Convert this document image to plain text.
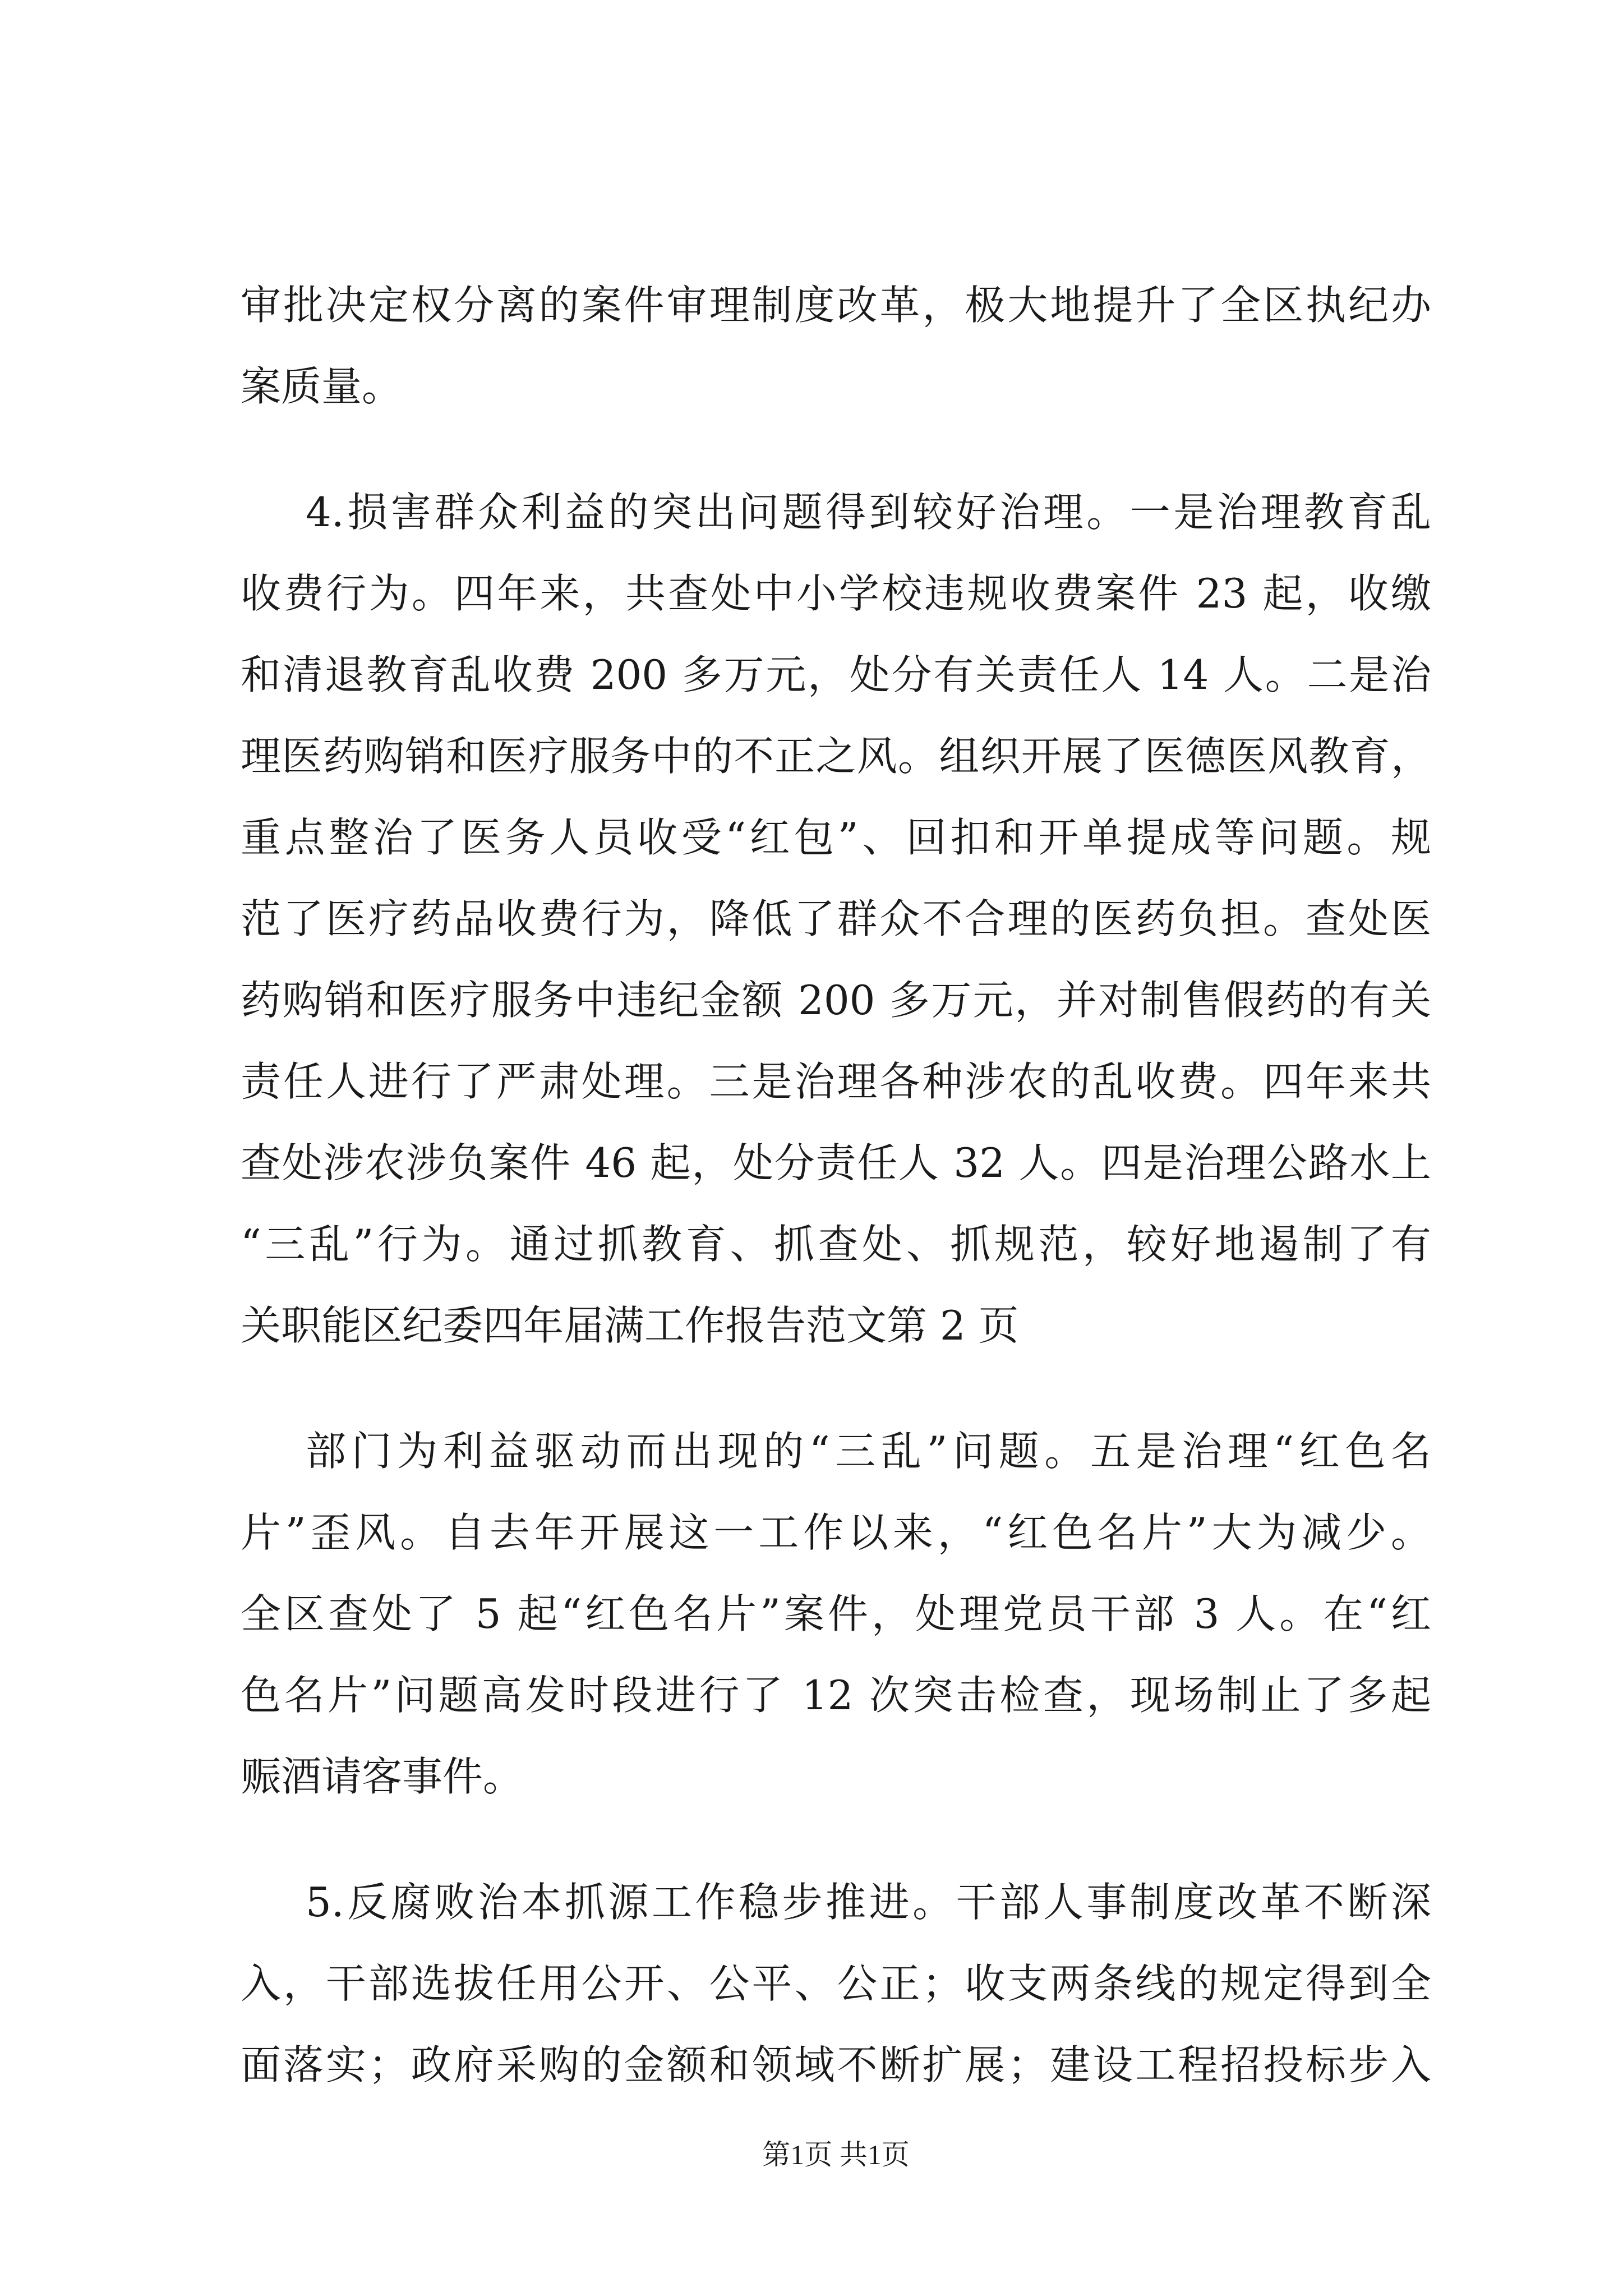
审批决定权分离的案件审理制度改革，极大地提升了全区执纪办
案质量。
4.损害群众利益的突出问题得到较好治理。一是治理教育乱
收费行为。四年来，共查处中小学校违规收费案件 23 起，收缴
和清退教育乱收费 200 多万元，处分有关责任人 14 人。二是治
理医药购销和医疗服务中的不正之风。组织开展了医德医风教育，
重点整治了医务人员收受“红包”、回扣和开单提成等问题。规
范了医疗药品收费行为，降低了群众不合理的医药负担。查处医
药购销和医疗服务中违纪金额 200 多万元，并对制售假药的有关
责任人进行了严肃处理。三是治理各种涉农的乱收费。四年来共
查处涉农涉负案件 46 起，处分责任人 32 人。四是治理公路水上
“三乱”行为。通过抓教育、抓查处、抓规范，较好地遏制了有
关职能区纪委四年届满工作报告范文第 2 页
部门为利益驱动而出现的“三乱”问题。五是治理“红色名
片”歪风。自去年开展这一工作以来，“红色名片”大为减少。
全区查处了 5 起“红色名片”案件，处理党员干部 3 人。在“红
色名片”问题高发时段进行了 12 次突击检查，现场制止了多起
赈酒请客事件。
5.反腐败治本抓源工作稳步推进。干部人事制度改革不断深
入，干部选拔任用公开、公平、公正；收支两条线的规定得到全
面落实；政府采购的金额和领域不断扩展；建设工程招投标步入
第1页 共1页
